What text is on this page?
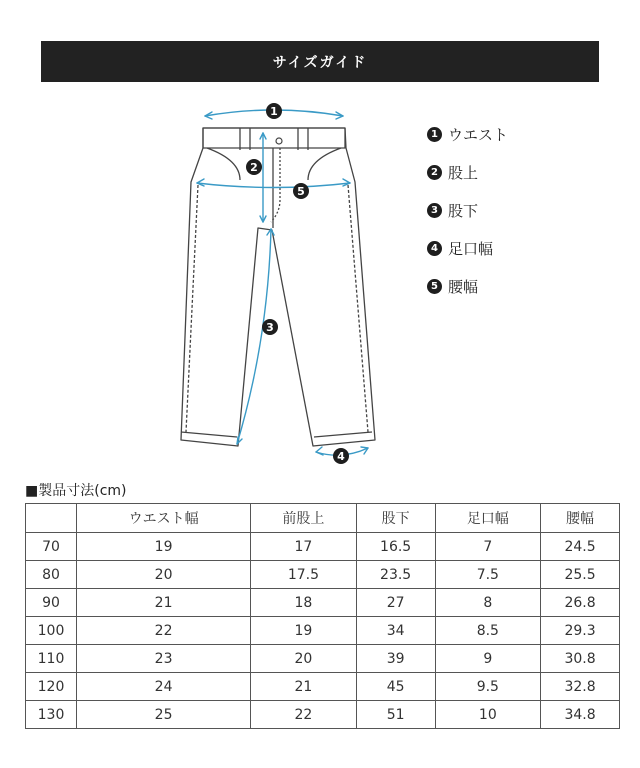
サイズガイド
1
2
3
4
5
1 ウエスト
2 股上
3 股下
4 足口幅
5 腰幅
■製品寸法(cm)
	ウエスト幅	前股上	股下	足口幅	腰幅
70	19	17	16.5	7	24.5
80	20	17.5	23.5	7.5	25.5
90	21	18	27	8	26.8
100	22	19	34	8.5	29.3
110	23	20	39	9	30.8
120	24	21	45	9.5	32.8
130	25	22	51	10	34.8
